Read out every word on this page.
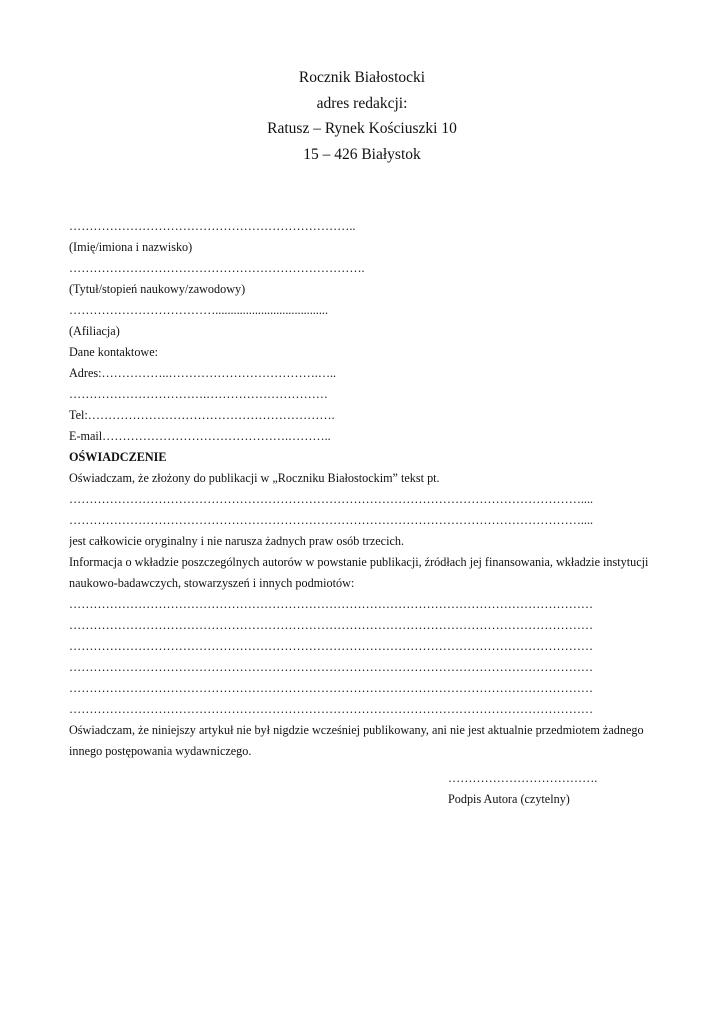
Rocznik Białostocki
adres redakcji:
Ratusz – Rynek Kościuszki 10
15 – 426 Białystok
……………………………………………………………..
(Imię/imiona i nazwisko)
……………………………………………………………….
(Tytuł/stopień naukowy/zawodowy)
……………………………….....................................
(Afiliacja)
Dane kontaktowe:
Adres:……………..……………………………….…..
…………………………….…………………………
Tel:…………………………………………………….
E-mail……………………………………….………..
OŚWIADCZENIE
Oświadczam, że złożony do publikacji w „Roczniku Białostockim” tekst pt.
………………………………………………………………………………………………………………....
………………………………………………………………………………………………………………....
jest całkowicie oryginalny i nie narusza żadnych praw osób trzecich.
Informacja o wkładzie poszczególnych autorów w powstanie publikacji, źródłach jej finansowania, wkładzie instytucji
naukowo-badawczych, stowarzyszeń i innych podmiotów:
…………………………………………………………………………………………………………………
…………………………………………………………………………………………………………………
…………………………………………………………………………………………………………………
…………………………………………………………………………………………………………………
…………………………………………………………………………………………………………………
…………………………………………………………………………………………………………………
Oświadczam, że niniejszy artykuł nie był nigdzie wcześniej publikowany, ani nie jest aktualnie przedmiotem żadnego
innego postępowania wydawniczego.
……………………………….
Podpis Autora (czytelny)
